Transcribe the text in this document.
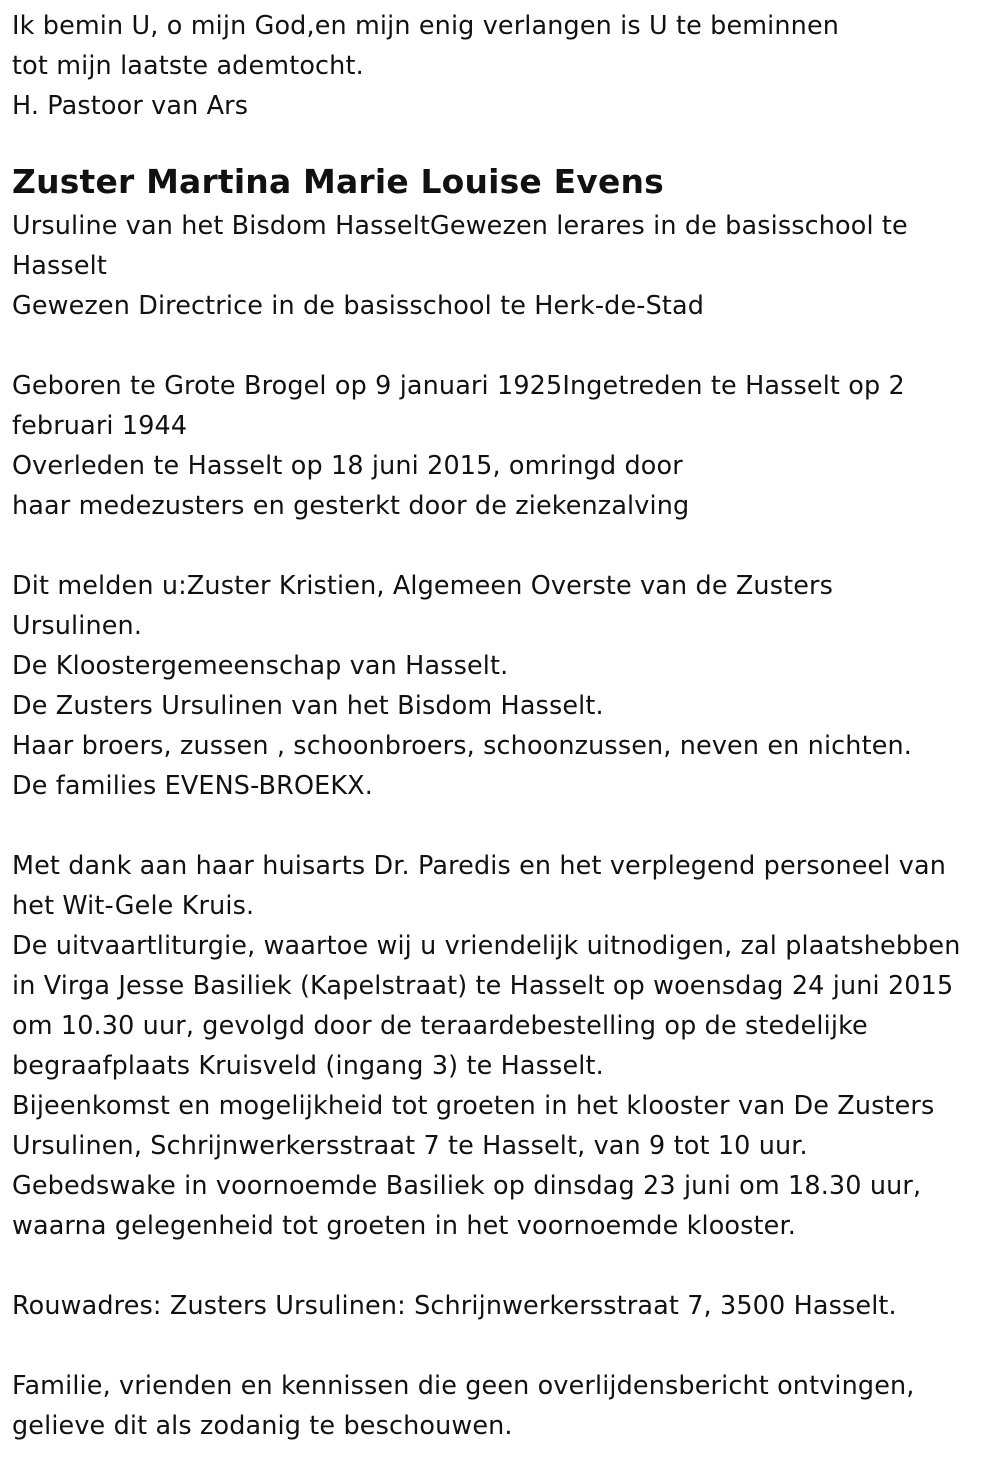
Ik bemin U, o mijn God,en mijn enig verlangen is U te beminnen
tot mijn laatste ademtocht.
H. Pastoor van Ars
Zuster Martina Marie Louise Evens
Ursuline van het Bisdom HasseltGewezen lerares in de basisschool te
Hasselt
Gewezen Directrice in de basisschool te Herk-de-Stad
Geboren te Grote Brogel op 9 januari 1925Ingetreden te Hasselt op 2
februari 1944
Overleden te Hasselt op 18 juni 2015, omringd door
haar medezusters en gesterkt door de ziekenzalving
Dit melden u:Zuster Kristien, Algemeen Overste van de Zusters
Ursulinen.
De Kloostergemeenschap van Hasselt.
De Zusters Ursulinen van het Bisdom Hasselt.
Haar broers, zussen , schoonbroers, schoonzussen, neven en nichten.
De families EVENS-BROEKX.
Met dank aan haar huisarts Dr. Paredis en het verplegend personeel van
het Wit-Gele Kruis.
De uitvaartliturgie, waartoe wij u vriendelijk uitnodigen, zal plaatshebben
in Virga Jesse Basiliek (Kapelstraat) te Hasselt op woensdag 24 juni 2015
om 10.30 uur, gevolgd door de teraardebestelling op de stedelijke
begraafplaats Kruisveld (ingang 3) te Hasselt.
Bijeenkomst en mogelijkheid tot groeten in het klooster van De Zusters
Ursulinen, Schrijnwerkersstraat 7 te Hasselt, van 9 tot 10 uur.
Gebedswake in voornoemde Basiliek op dinsdag 23 juni om 18.30 uur,
waarna gelegenheid tot groeten in het voornoemde klooster.
Rouwadres: Zusters Ursulinen: Schrijnwerkersstraat 7, 3500 Hasselt.
Familie, vrienden en kennissen die geen overlijdensbericht ontvingen,
gelieve dit als zodanig te beschouwen.
